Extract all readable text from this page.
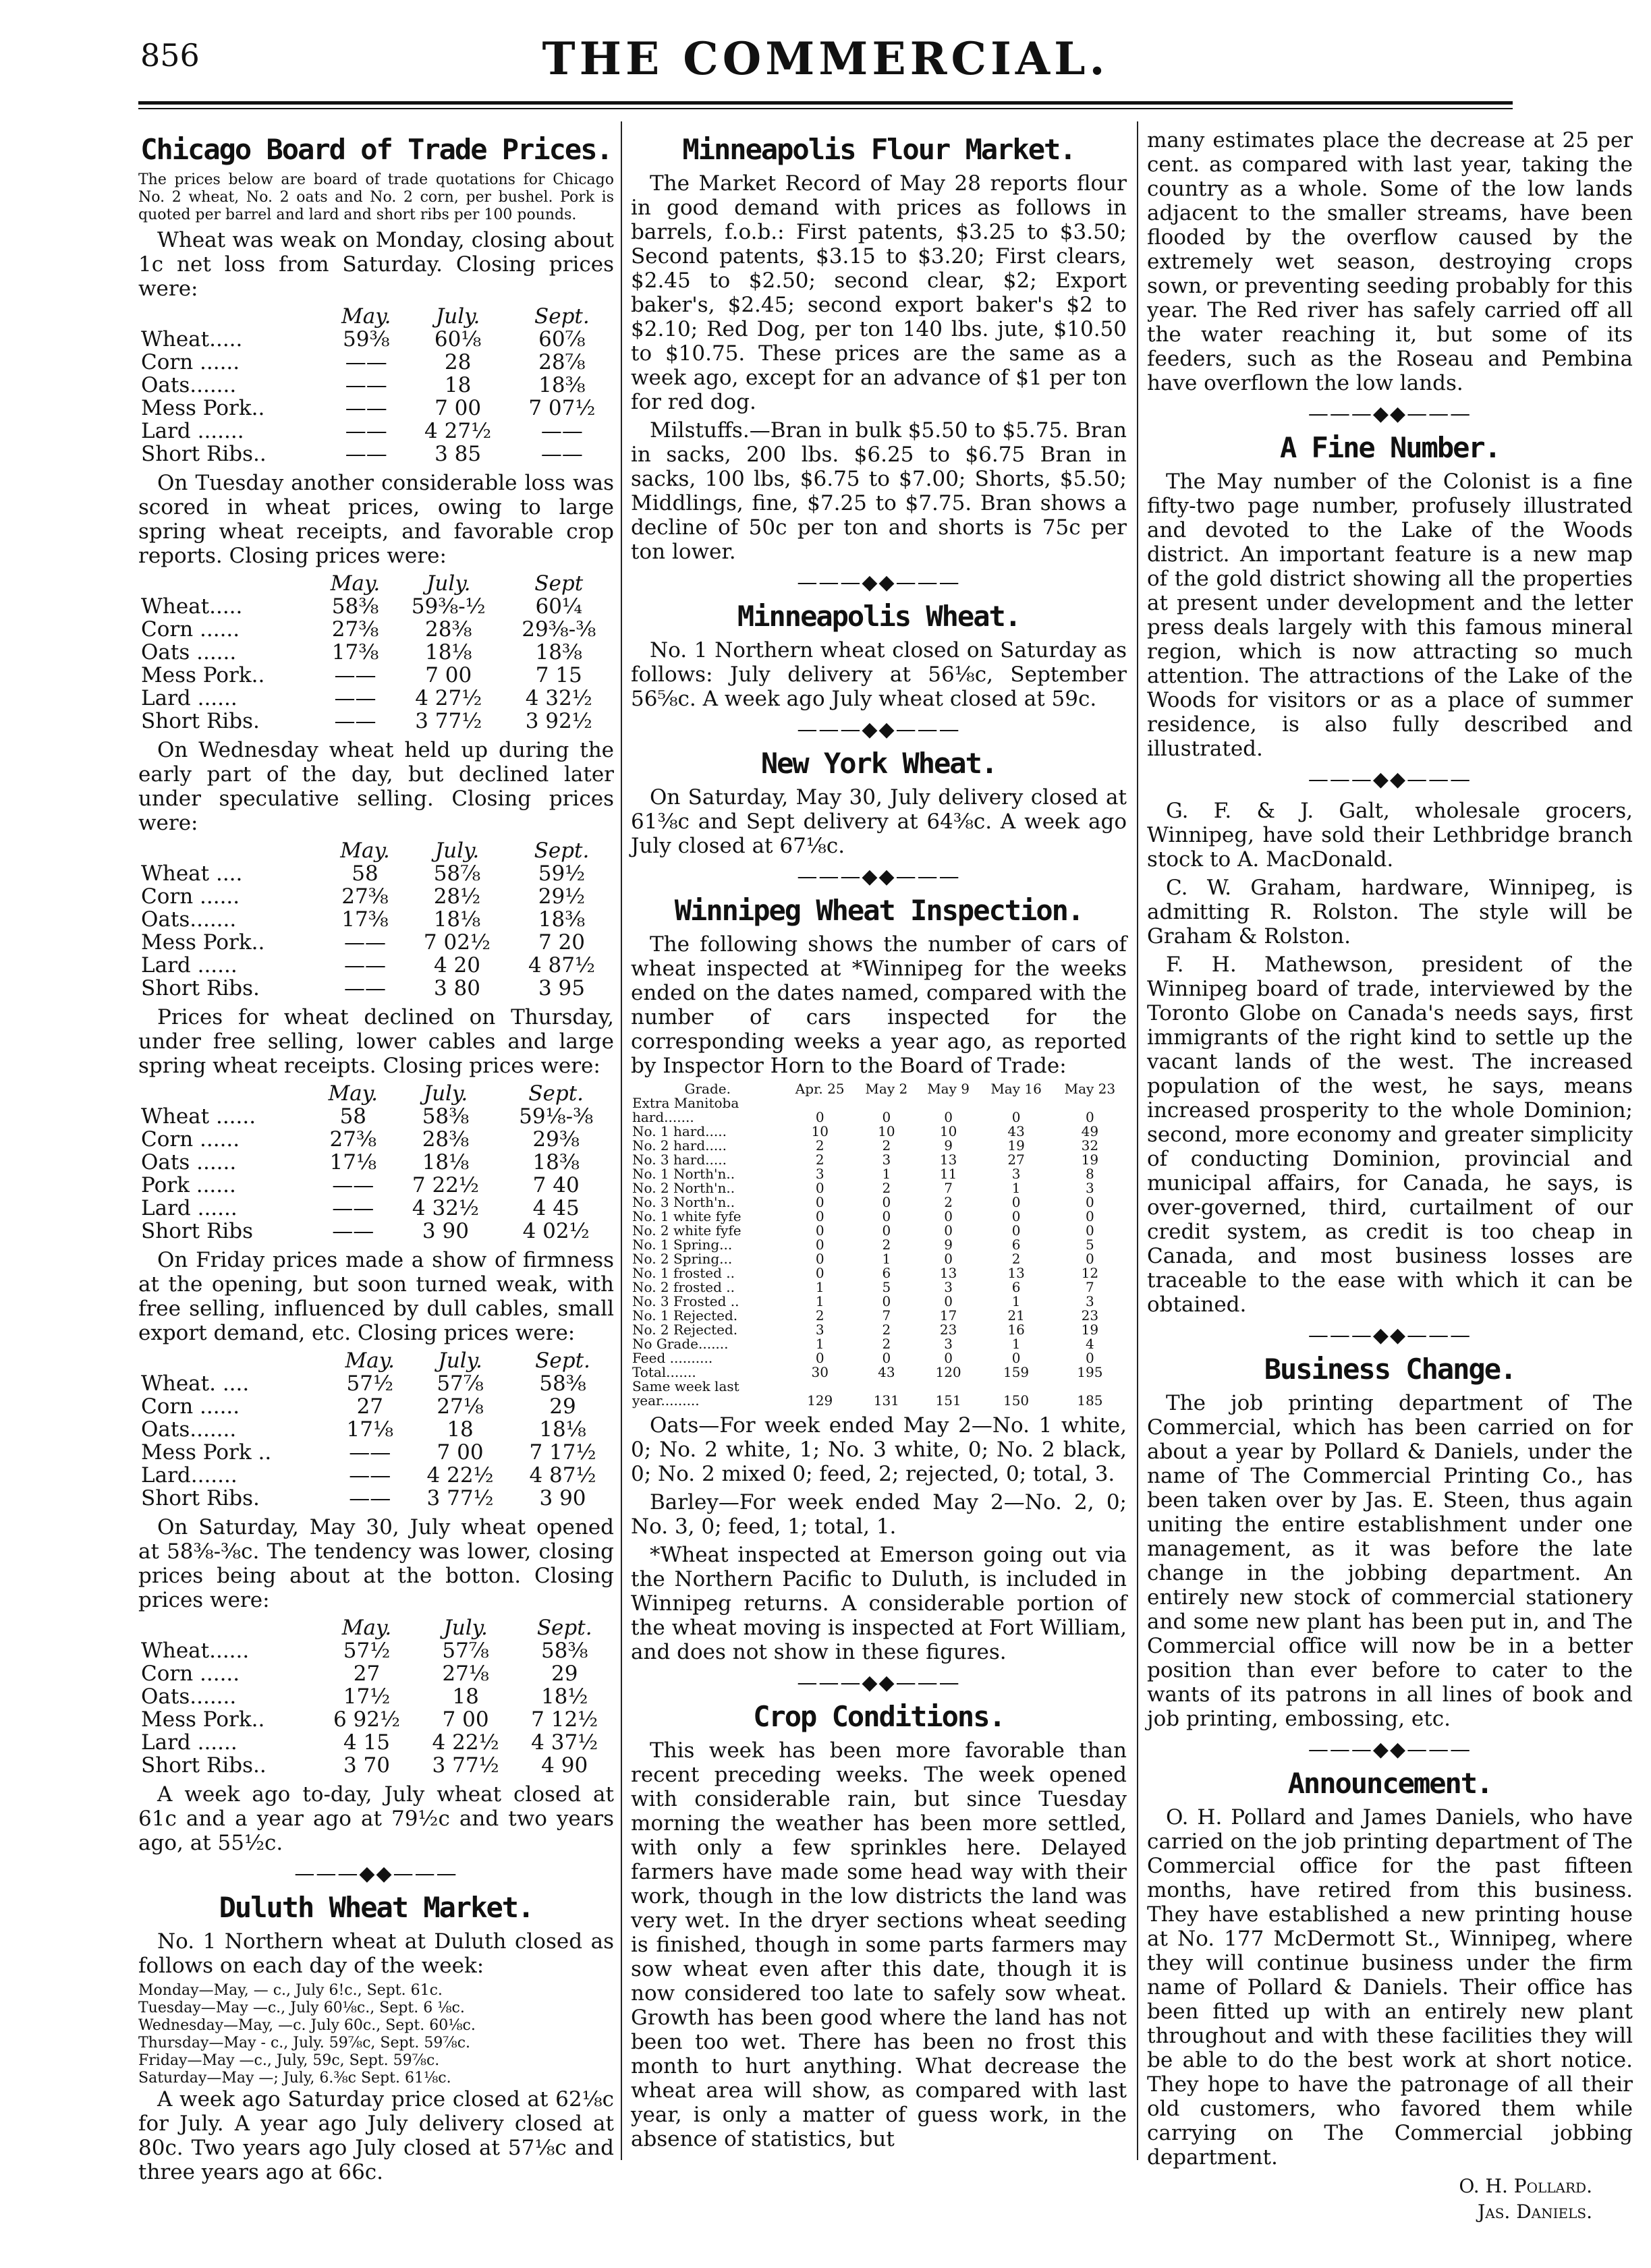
856	THE COMMERCIAL.
Chicago Board of Trade Prices.

The prices below are board of trade quotations for Chicago No. 2 wheat, No. 2 oats and No. 2 corn, per bushel. Pork is quoted per barrel and lard and short ribs per 100 pounds.

Wheat was weak on Monday, closing about 1c net loss from Saturday. Closing prices were:

	May.	July.	Sept.
Wheat.....	59⅜	60⅛	60⅞
Corn ......	——	28	28⅞
Oats.......	——	18	18⅜
Mess Pork..	——	7 00	7 07½
Lard .......	——	4 27½	——
Short Ribs..	——	3 85	——

On Tuesday another considerable loss was scored in wheat prices, owing to large spring wheat receipts, and favorable crop reports. Closing prices were:

	May.	July.	Sept
Wheat.....	58⅜	59⅜-½	60¼
Corn ......	27⅜	28⅜	29⅜-⅜
Oats ......	17⅜	18⅛	18⅜
Mess Pork..	——	7 00	7 15
Lard ......	——	4 27½	4 32½
Short Ribs.	——	3 77½	3 92½

On Wednesday wheat held up during the early part of the day, but declined later under speculative selling. Closing prices were:

	May.	July.	Sept.
Wheat ....	58	58⅞	59½
Corn ......	27⅜	28½	29½
Oats.......	17⅜	18⅛	18⅜
Mess Pork..	——	7 02½	7 20
Lard ......	——	4 20	4 87½
Short Ribs.	——	3 80	3 95

Prices for wheat declined on Thursday, under free selling, lower cables and large spring wheat receipts. Closing prices were:

	May.	July.	Sept.
Wheat ......	58	58⅜	59⅛-⅜
Corn ......	27⅜	28⅜	29⅜
Oats ......	17⅛	18⅛	18⅜
Pork ......	——	7 22½	7 40
Lard ......	——	4 32½	4 45
Short Ribs	——	3 90	4 02½

On Friday prices made a show of firmness at the opening, but soon turned weak, with free selling, influenced by dull cables, small export demand, etc. Closing prices were:

	May.	July.	Sept.
Wheat. ....	57½	57⅞	58⅜
Corn ......	27	27⅛	29
Oats.......	17⅛	18	18⅛
Mess Pork ..	——	7 00	7 17½
Lard.......	——	4 22½	4 87½
Short Ribs.	——	3 77½	3 90

On Saturday, May 30, July wheat opened at 58⅜-⅜c. The tendency was lower, closing prices being about at the botton. Closing prices were:

	May.	July.	Sept.
Wheat......	57½	57⅞	58⅜
Corn ......	27	27⅛	29
Oats.......	17½	18	18½
Mess Pork..	6 92½	7 00	7 12½
Lard ......	4 15	4 22½	4 37½
Short Ribs..	3 70	3 77½	4 90

A week ago to-day, July wheat closed at 61c and a year ago at 79½c and two years ago, at 55½c.

———◆◆———
Duluth Wheat Market.

No. 1 Northern wheat at Duluth closed as follows on each day of the week:

Monday—May, — c., July 6!c., Sept. 61c.
Tuesday—May —c., July 60⅛c., Sept. 6 ⅛c.
Wednesday—May, —c. July 60c., Sept. 60⅛c.
Thursday—May - c., July. 59⅞c, Sept. 59⅞c.
Friday—May —c., July, 59c, Sept. 59⅞c.
Saturday—May —; July, 6.⅜c Sept. 61⅛c.

A week ago Saturday price closed at 62⅛c for July. A year ago July delivery closed at 80c. Two years ago July closed at 57⅛c and three years ago at 66c.

Minneapolis Flour Market.

The Market Record of May 28 reports flour in good demand with prices as follows in barrels, f.o.b.: First patents, $3.25 to $3.50; Second patents, $3.15 to $3.20; First clears, $2.45 to $2.50; second clear, $2; Export baker's, $2.45; second export baker's $2 to $2.10; Red Dog, per ton 140 lbs. jute, $10.50 to $10.75. These prices are the same as a week ago, except for an advance of $1 per ton for red dog.

Milstuffs.—Bran in bulk $5.50 to $5.75. Bran in sacks, 200 lbs. $6.25 to $6.75 Bran in sacks, 100 lbs, $6.75 to $7.00; Shorts, $5.50; Middlings, fine, $7.25 to $7.75. Bran shows a decline of 50c per ton and shorts is 75c per ton lower.

———◆◆———
Minneapolis Wheat.

No. 1 Northern wheat closed on Saturday as follows: July delivery at 56⅛c, September 56⅝c. A week ago July wheat closed at 59c.

———◆◆———
New York Wheat.

On Saturday, May 30, July delivery closed at 61⅜c and Sept delivery at 64⅜c. A week ago July closed at 67⅛c.

———◆◆———
Winnipeg Wheat Inspection.

The following shows the number of cars of wheat inspected at *Winnipeg for the weeks ended on the dates named, compared with the number of cars inspected for the corresponding weeks a year ago, as reported by Inspector Horn to the Board of Trade:

Grade.	Apr. 25	May 2	May 9	May 16	May 23
Extra Manitoba					
hard.......	0	0	0	0	0
No. 1 hard.....	10	10	10	43	49
No. 2 hard.....	2	2	9	19	32
No. 3 hard.....	2	3	13	27	19
No. 1 North'n..	3	1	11	3	8
No. 2 North'n..	0	2	7	1	3
No. 3 North'n..	0	0	2	0	0
No. 1 white fyfe	0	0	0	0	0
No. 2 white fyfe	0	0	0	0	0
No. 1 Spring...	0	2	9	6	5
No. 2 Spring...	0	1	0	2	0
No. 1 frosted ..	0	6	13	13	12
No. 2 frosted ..	1	5	3	6	7
No. 3 Frosted ..	1	0	0	1	3
No. 1 Rejected.	2	7	17	21	23
No. 2 Rejected.	3	2	23	16	19
No Grade.......	1	2	3	1	4
Feed ..........	0	0	0	0	0
Total.......	30	43	120	159	195
Same week last					
year.........	129	131	151	150	185

Oats—For week ended May 2—No. 1 white, 0; No. 2 white, 1; No. 3 white, 0; No. 2 black, 0; No. 2 mixed 0; feed, 2; rejected, 0; total, 3.

Barley—For week ended May 2—No. 2, 0; No. 3, 0; feed, 1; total, 1.

*Wheat inspected at Emerson going out via the Northern Pacific to Duluth, is included in Winnipeg returns. A considerable portion of the wheat moving is inspected at Fort William, and does not show in these figures.

———◆◆———
Crop Conditions.

This week has been more favorable than recent preceding weeks. The week opened with considerable rain, but since Tuesday morning the weather has been more settled, with only a few sprinkles here. Delayed farmers have made some head way with their work, though in the low districts the land was very wet. In the dryer sections wheat seeding is finished, though in some parts farmers may sow wheat even after this date, though it is now considered too late to safely sow wheat. Growth has been good where the land has not been too wet. There has been no frost this month to hurt anything. What decrease the wheat area will show, as compared with last year, is only a matter of guess work, in the absence of statistics, but

many estimates place the decrease at 25 per cent. as compared with last year, taking the country as a whole. Some of the low lands adjacent to the smaller streams, have been flooded by the overflow caused by the extremely wet season, destroying crops sown, or preventing seeding probably for this year. The Red river has safely carried off all the water reaching it, but some of its feeders, such as the Roseau and Pembina have overflown the low lands.

———◆◆———
A Fine Number.

The May number of the Colonist is a fine fifty-two page number, profusely illustrated and devoted to the Lake of the Woods district. An important feature is a new map of the gold district showing all the properties at present under development and the letter press deals largely with this famous mineral region, which is now attracting so much attention. The attractions of the Lake of the Woods for visitors or as a place of summer residence, is also fully described and illustrated.

———◆◆———

G. F. & J. Galt, wholesale grocers, Winnipeg, have sold their Lethbridge branch stock to A. MacDonald.

C. W. Graham, hardware, Winnipeg, is admitting R. Rolston. The style will be Graham & Rolston.

F. H. Mathewson, president of the Winnipeg board of trade, interviewed by the Toronto Globe on Canada's needs says, first immigrants of the right kind to settle up the vacant lands of the west. The increased population of the west, he says, means increased prosperity to the whole Dominion; second, more economy and greater simplicity of conducting Dominion, provincial and municipal affairs, for Canada, he says, is over-governed, third, curtailment of our credit system, as credit is too cheap in Canada, and most business losses are traceable to the ease with which it can be obtained.

———◆◆———
Business Change.

The job printing department of The Commercial, which has been carried on for about a year by Pollard & Daniels, under the name of The Commercial Printing Co., has been taken over by Jas. E. Steen, thus again uniting the entire establishment under one management, as it was before the late change in the jobbing department. An entirely new stock of commercial stationery and some new plant has been put in, and The Commercial office will now be in a better position than ever before to cater to the wants of its patrons in all lines of book and job printing, embossing, etc.

———◆◆———
Announcement.

O. H. Pollard and James Daniels, who have carried on the job printing department of The Commercial office for the past fifteen months, have retired from this business. They have established a new printing house at No. 177 McDermott St., Winnipeg, where they will continue business under the firm name of Pollard & Daniels. Their office has been fitted up with an entirely new plant throughout and with these facilities they will be able to do the best work at short notice. They hope to have the patronage of all their old customers, who favored them while carrying on The Commercial jobbing department.

O. H. Pollard.
Jas. Daniels.
